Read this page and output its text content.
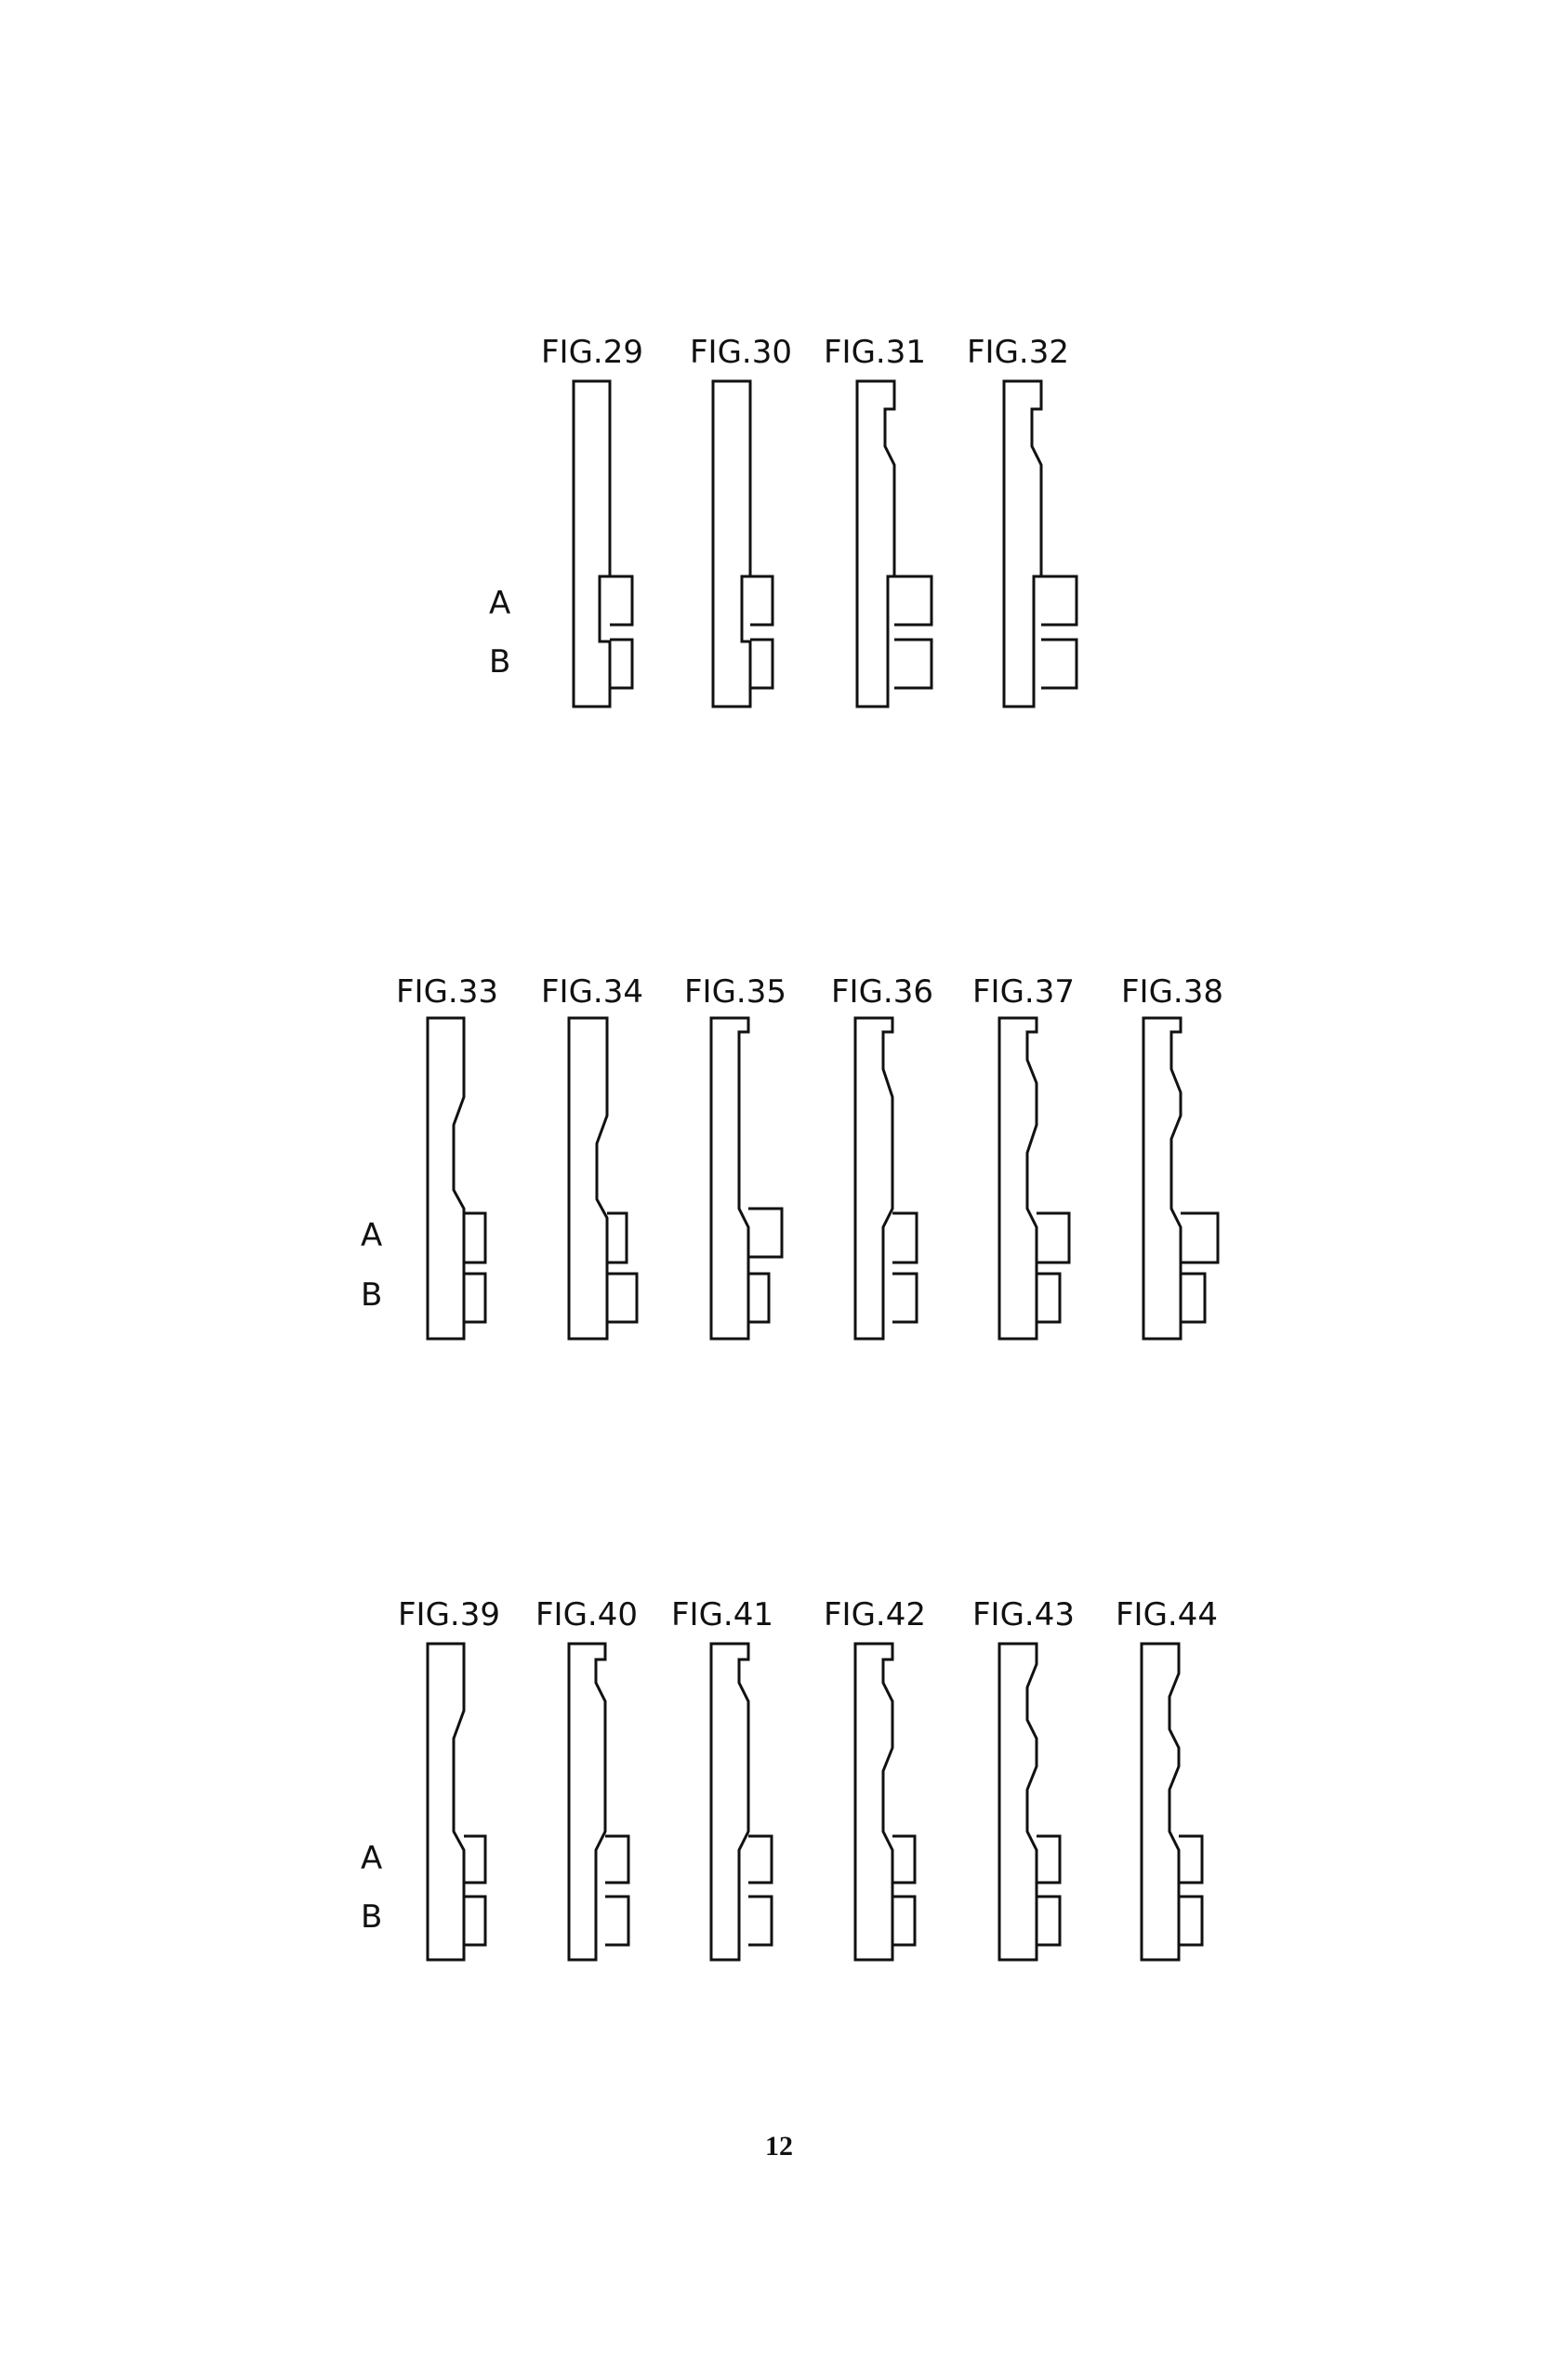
A
B
FIG.29 FIG.30 FIG.31 FIG.32
A
B
FIG.33 FIG.34 FIG.35 FIG.36 FIG.37 FIG.38
A
B
FIG.39 FIG.40 FIG.41 FIG.42 FIG.43 FIG.44
12
